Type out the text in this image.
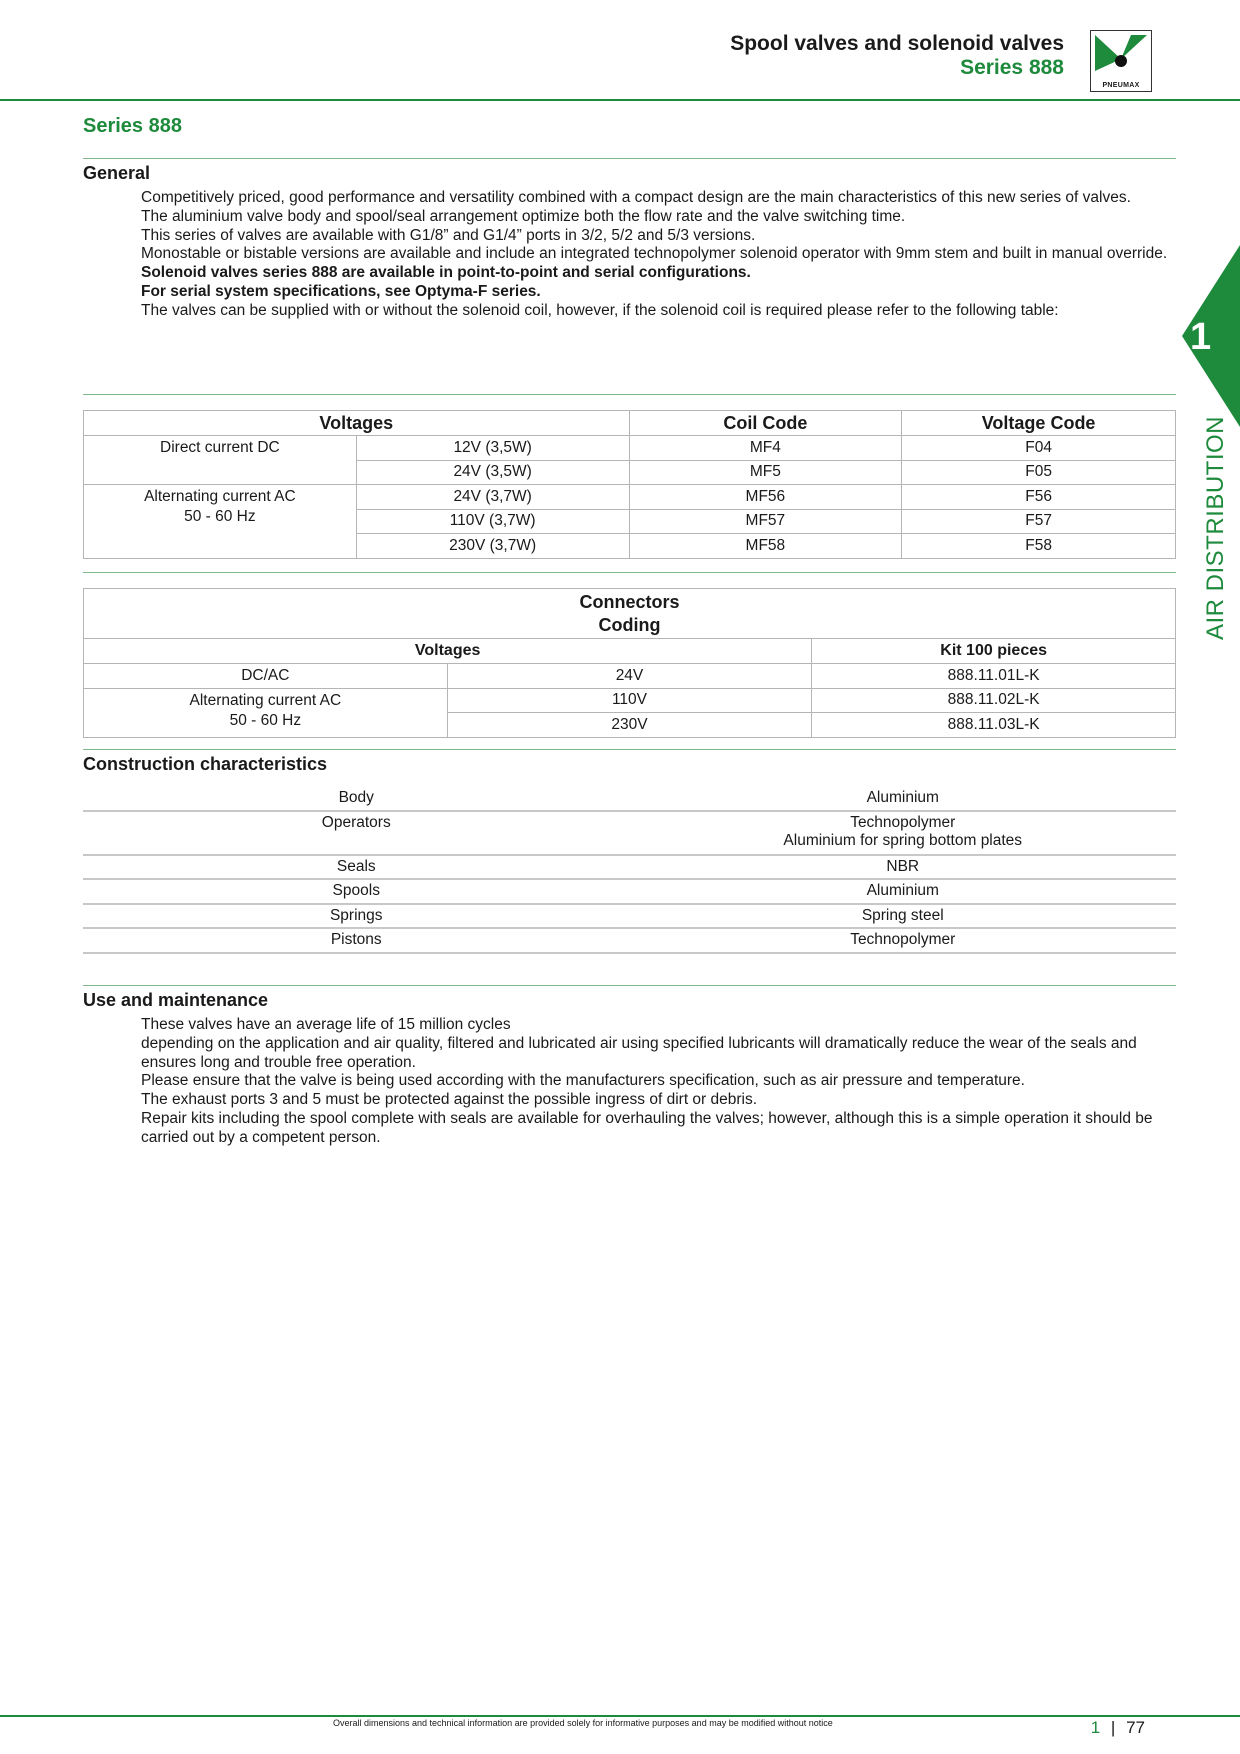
Spool valves and solenoid valves
Series 888
PNEUMAX
1
AIR DISTRIBUTION
Series 888
General

Competitively priced, good performance and versatility combined with a compact design are the main characteristics of this new series of valves.

The aluminium valve body and spool/seal arrangement optimize both the flow rate and the valve switching time.

This series of valves are available with G1/8” and G1/4” ports in 3/2, 5/2 and 5/3 versions.

Monostable or bistable versions are available and include an integrated technopolymer solenoid operator with 9mm stem and built in manual override.

Solenoid valves series 888 are available in point-to-point and serial configurations.

For serial system specifications, see Optyma-F series.

The valves can be supplied with or without the solenoid coil, however, if the solenoid coil is required please refer to the following table:

Voltages		Coil Code	Voltage Code
Direct current DC	12V (3,5W)	MF4	F04
	24V (3,5W)	MF5	F05

Alternating current AC
50 - 60 Hz	24V (3,7W)	MF56	F56
	110V (3,7W)	MF57	F57
	230V (3,7W)	MF58	F58
Connectors
Coding		

Voltages		Kit 100 pieces
DC/AC	24V	888.11.01L-K

Alternating current AC
50 - 60 Hz	110V	888.11.02L-K
	230V	888.11.03L-K
Construction characteristics
Body	Aluminium
Operators	Technopolymer
Aluminium for spring bottom plates

Seals	NBR
Spools	Aluminium
Springs	Spring steel
Pistons	Technopolymer
Use and maintenance

These valves have an average life of 15 million cycles

depending on the application and air quality, filtered and lubricated air using specified lubricants will dramatically reduce the wear of the seals and ensures long and trouble free operation.

Please ensure that the valve is being used according with the manufacturers specification, such as air pressure and temperature.

The exhaust ports 3 and 5 must be protected against the possible ingress of dirt or debris.

Repair kits including the spool complete with seals are available for overhauling the valves; however, although this is a simple operation it should be carried out by a competent person.

Overall dimensions and technical information are provided solely for informative purposes and may be modified without notice	1 | 77
